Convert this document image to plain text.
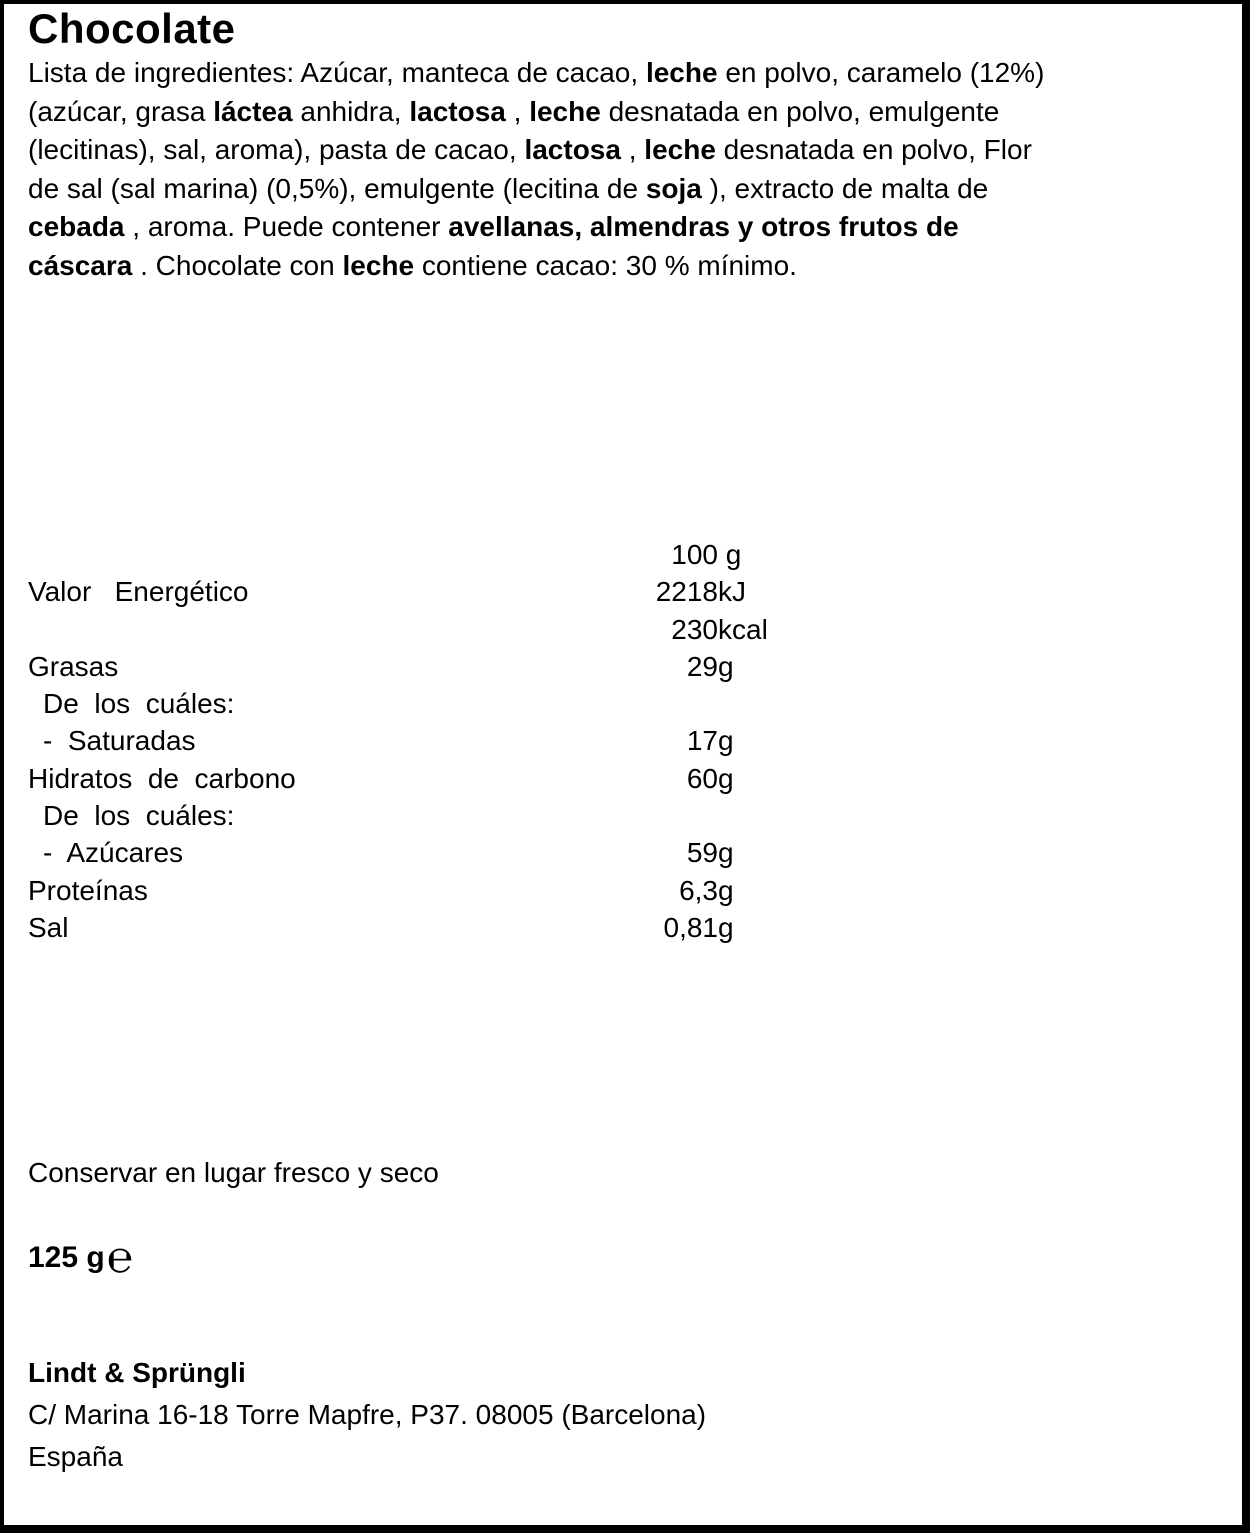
Chocolate
Lista de ingredientes: Azúcar, manteca de cacao, leche en polvo, caramelo (12%)
(azúcar, grasa láctea anhidra, lactosa , leche desnatada en polvo, emulgente
(lecitinas), sal, aroma), pasta de cacao, lactosa , leche desnatada en polvo, Flor
de sal (sal marina) (0,5%), emulgente (lecitina de soja ), extracto de malta de
cebada , aroma. Puede contener avellanas, almendras y otros frutos de
cáscara . Chocolate con leche contiene cacao: 30 % mínimo.
100 g
Valor   Energético	2218 kJ
230 kcal
Grasas	29 g
De  los  cuáles:
-  Saturadas	17 g
Hidratos  de  carbono	60 g
De  los  cuáles:
-  Azúcares	59 g
Proteínas	6,3 g
Sal	0,81 g
Conservar en lugar fresco y seco
125 g℮
Lindt & Sprüngli
C/ Marina 16-18 Torre Mapfre, P37. 08005 (Barcelona)
España
